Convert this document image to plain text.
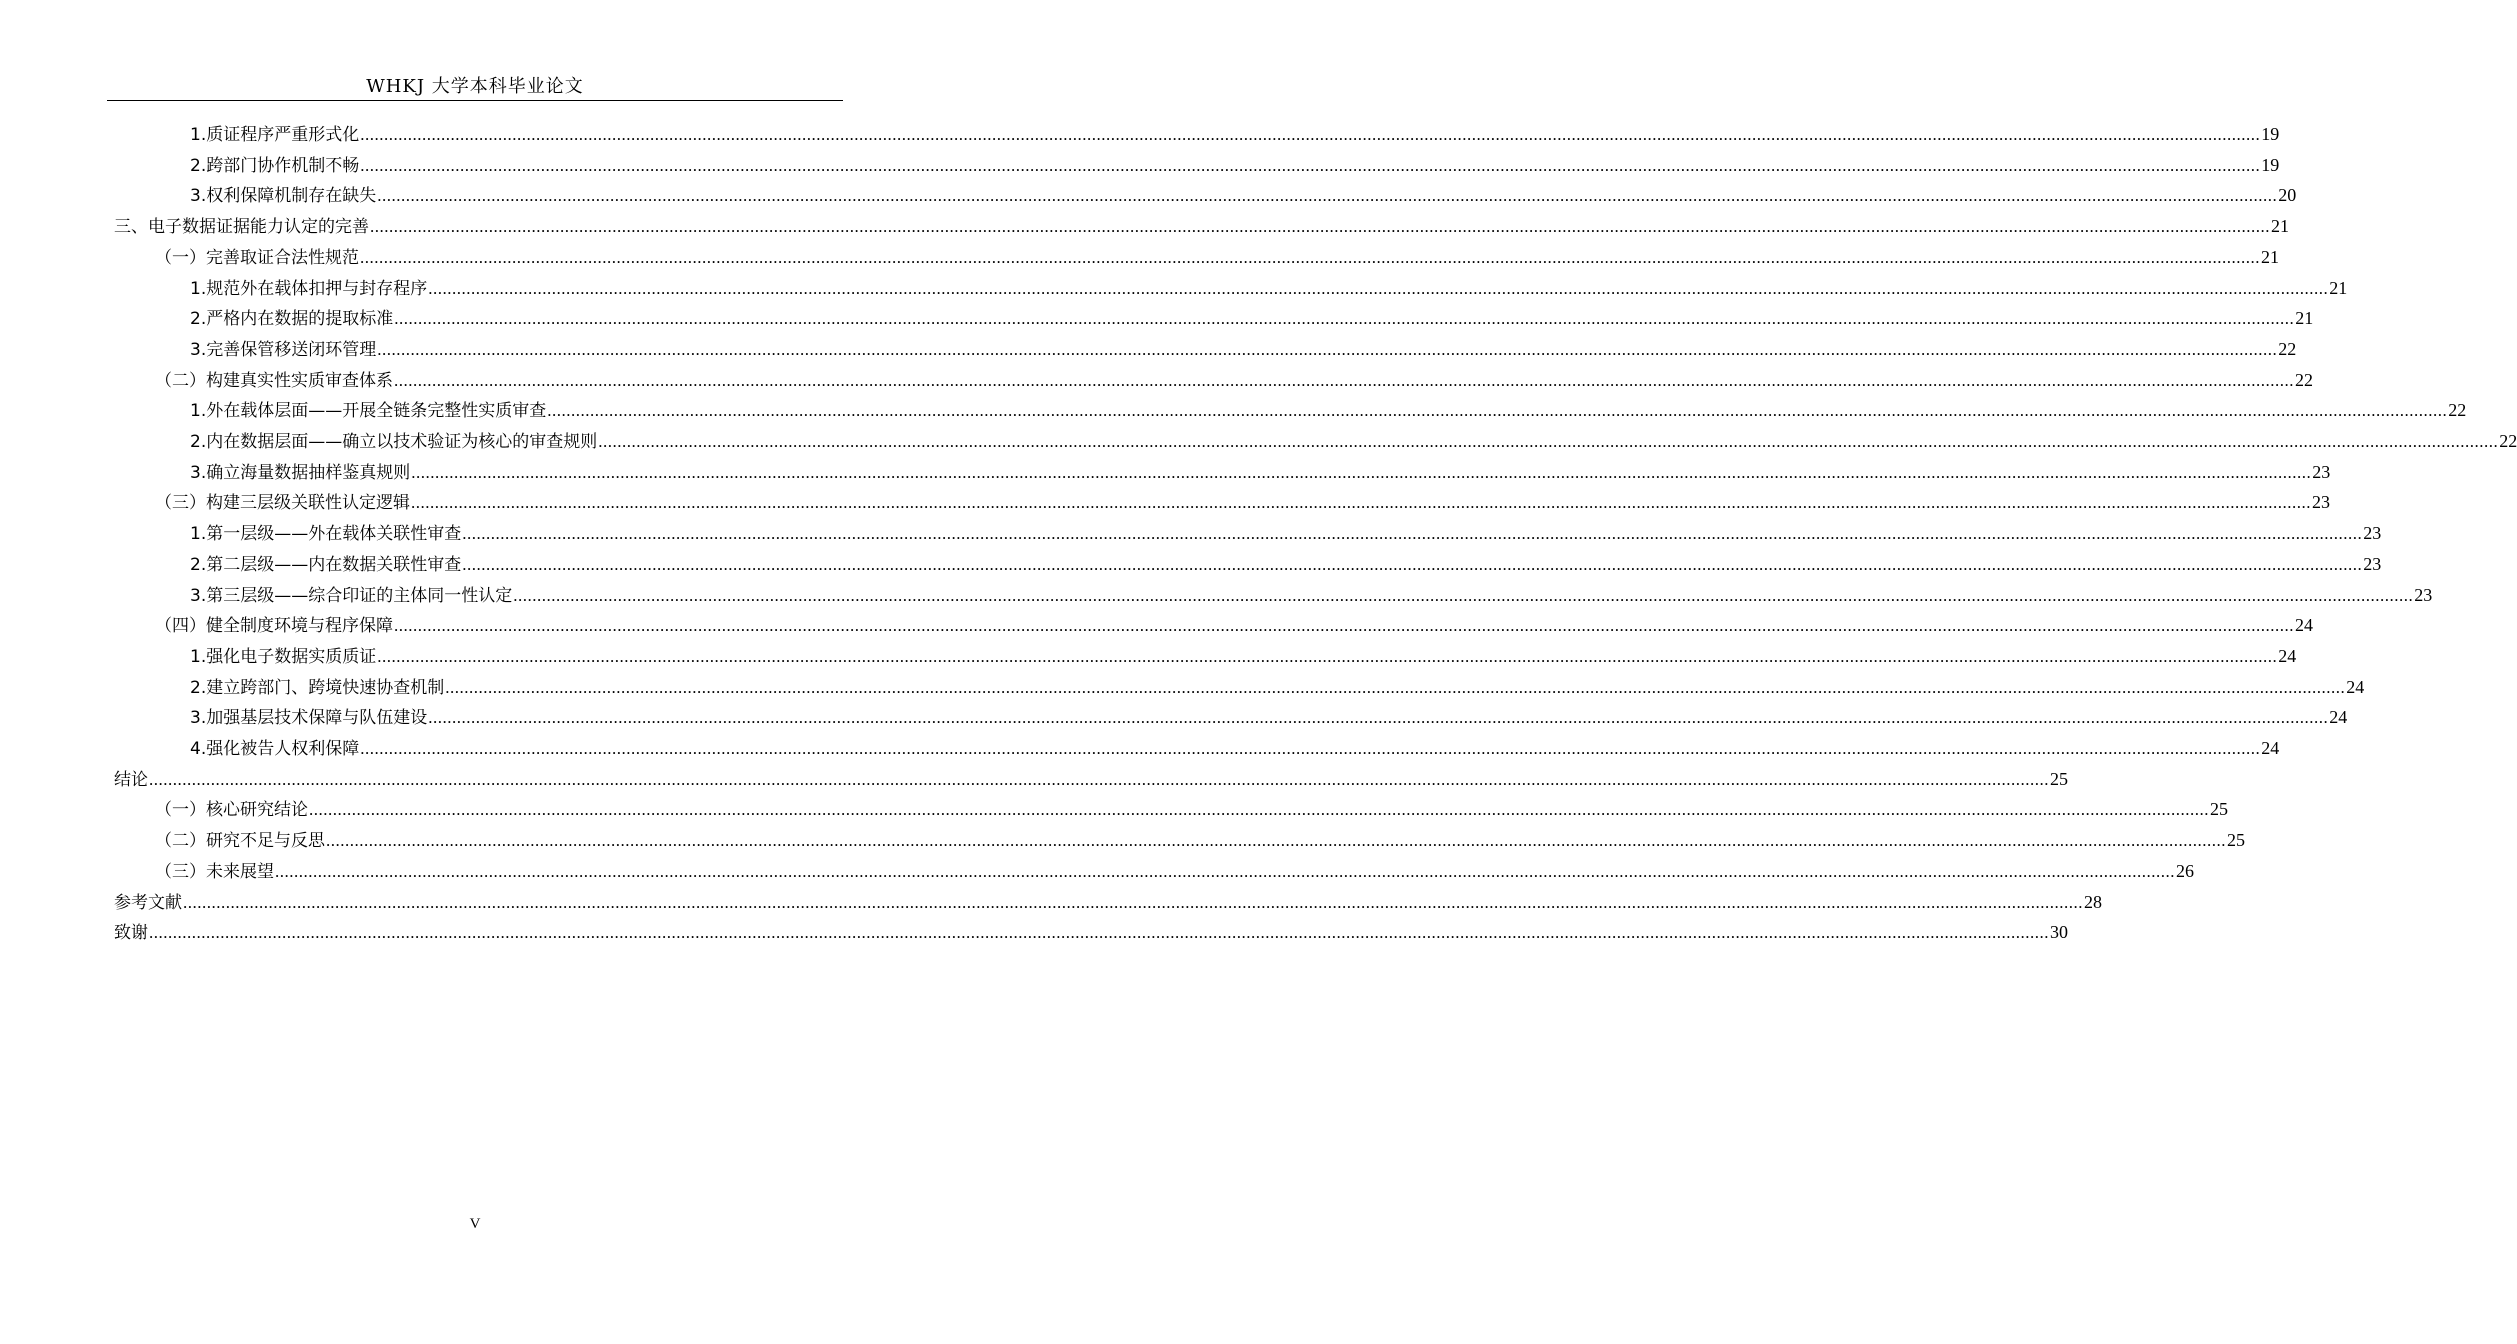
WHKJ 大学本科毕业论文
1.质证程序严重形式化 ................................................................................................................................................................................................................................................................................................................................................................................................................ 19
2.跨部门协作机制不畅 ................................................................................................................................................................................................................................................................................................................................................................................................................ 19
3.权利保障机制存在缺失 ................................................................................................................................................................................................................................................................................................................................................................................................................ 20
三、电子数据证据能力认定的完善 ................................................................................................................................................................................................................................................................................................................................................................................................................ 21
（一）完善取证合法性规范 ................................................................................................................................................................................................................................................................................................................................................................................................................ 21
1.规范外在载体扣押与封存程序 ................................................................................................................................................................................................................................................................................................................................................................................................................ 21
2.严格内在数据的提取标准 ................................................................................................................................................................................................................................................................................................................................................................................................................ 21
3.完善保管移送闭环管理 ................................................................................................................................................................................................................................................................................................................................................................................................................ 22
（二）构建真实性实质审查体系 ................................................................................................................................................................................................................................................................................................................................................................................................................ 22
1.外在载体层面——开展全链条完整性实质审查 ................................................................................................................................................................................................................................................................................................................................................................................................................ 22
2.内在数据层面——确立以技术验证为核心的审查规则 ................................................................................................................................................................................................................................................................................................................................................................................................................ 22
3.确立海量数据抽样鉴真规则 ................................................................................................................................................................................................................................................................................................................................................................................................................ 23
（三）构建三层级关联性认定逻辑 ................................................................................................................................................................................................................................................................................................................................................................................................................ 23
1.第一层级——外在载体关联性审查 ................................................................................................................................................................................................................................................................................................................................................................................................................ 23
2.第二层级——内在数据关联性审查 ................................................................................................................................................................................................................................................................................................................................................................................................................ 23
3.第三层级——综合印证的主体同一性认定 ................................................................................................................................................................................................................................................................................................................................................................................................................ 23
（四）健全制度环境与程序保障 ................................................................................................................................................................................................................................................................................................................................................................................................................ 24
1.强化电子数据实质质证 ................................................................................................................................................................................................................................................................................................................................................................................................................ 24
2.建立跨部门、跨境快速协查机制 ................................................................................................................................................................................................................................................................................................................................................................................................................ 24
3.加强基层技术保障与队伍建设 ................................................................................................................................................................................................................................................................................................................................................................................................................ 24
4.强化被告人权利保障 ................................................................................................................................................................................................................................................................................................................................................................................................................ 24
结论 ................................................................................................................................................................................................................................................................................................................................................................................................................ 25
（一）核心研究结论 ................................................................................................................................................................................................................................................................................................................................................................................................................ 25
（二）研究不足与反思 ................................................................................................................................................................................................................................................................................................................................................................................................................ 25
（三）未来展望 ................................................................................................................................................................................................................................................................................................................................................................................................................ 26
参考文献 ................................................................................................................................................................................................................................................................................................................................................................................................................ 28
致谢 ................................................................................................................................................................................................................................................................................................................................................................................................................ 30
V
